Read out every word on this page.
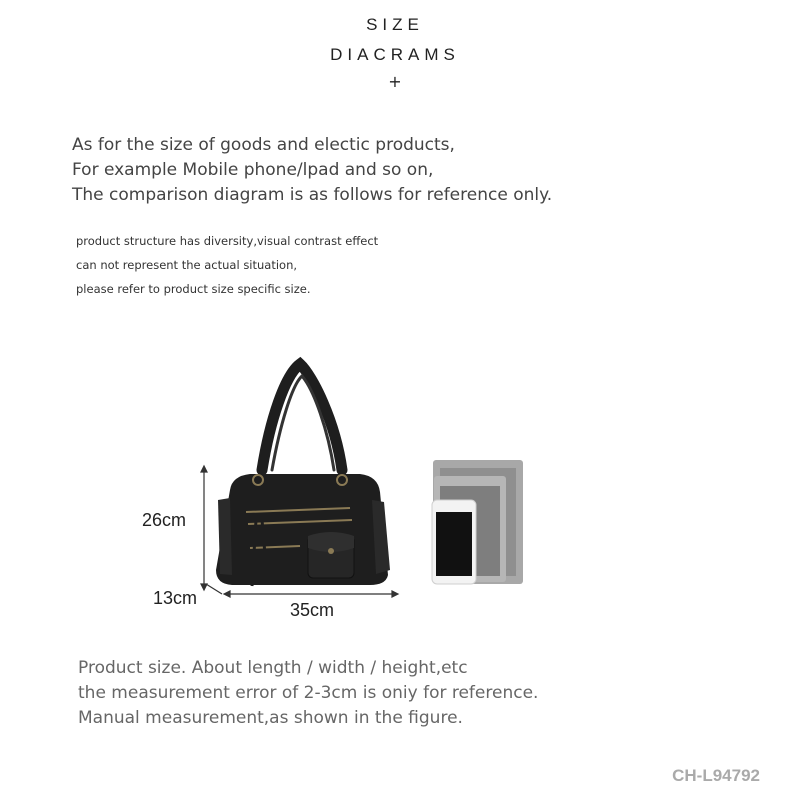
SIZE
DIACRAMS
+
As for the size of goods and electic products,
For example Mobile phone/lpad and so on,
The comparison diagram is as follows for reference only.
product structure has diversity,visual contrast effect
can not represent the actual situation,
please refer to product size specific size.
26cm
13cm
35cm
Product size. About length / width / height,etc
the measurement error of 2-3cm is oniy for reference.
Manual measurement,as shown in the figure.
CH-L94792
